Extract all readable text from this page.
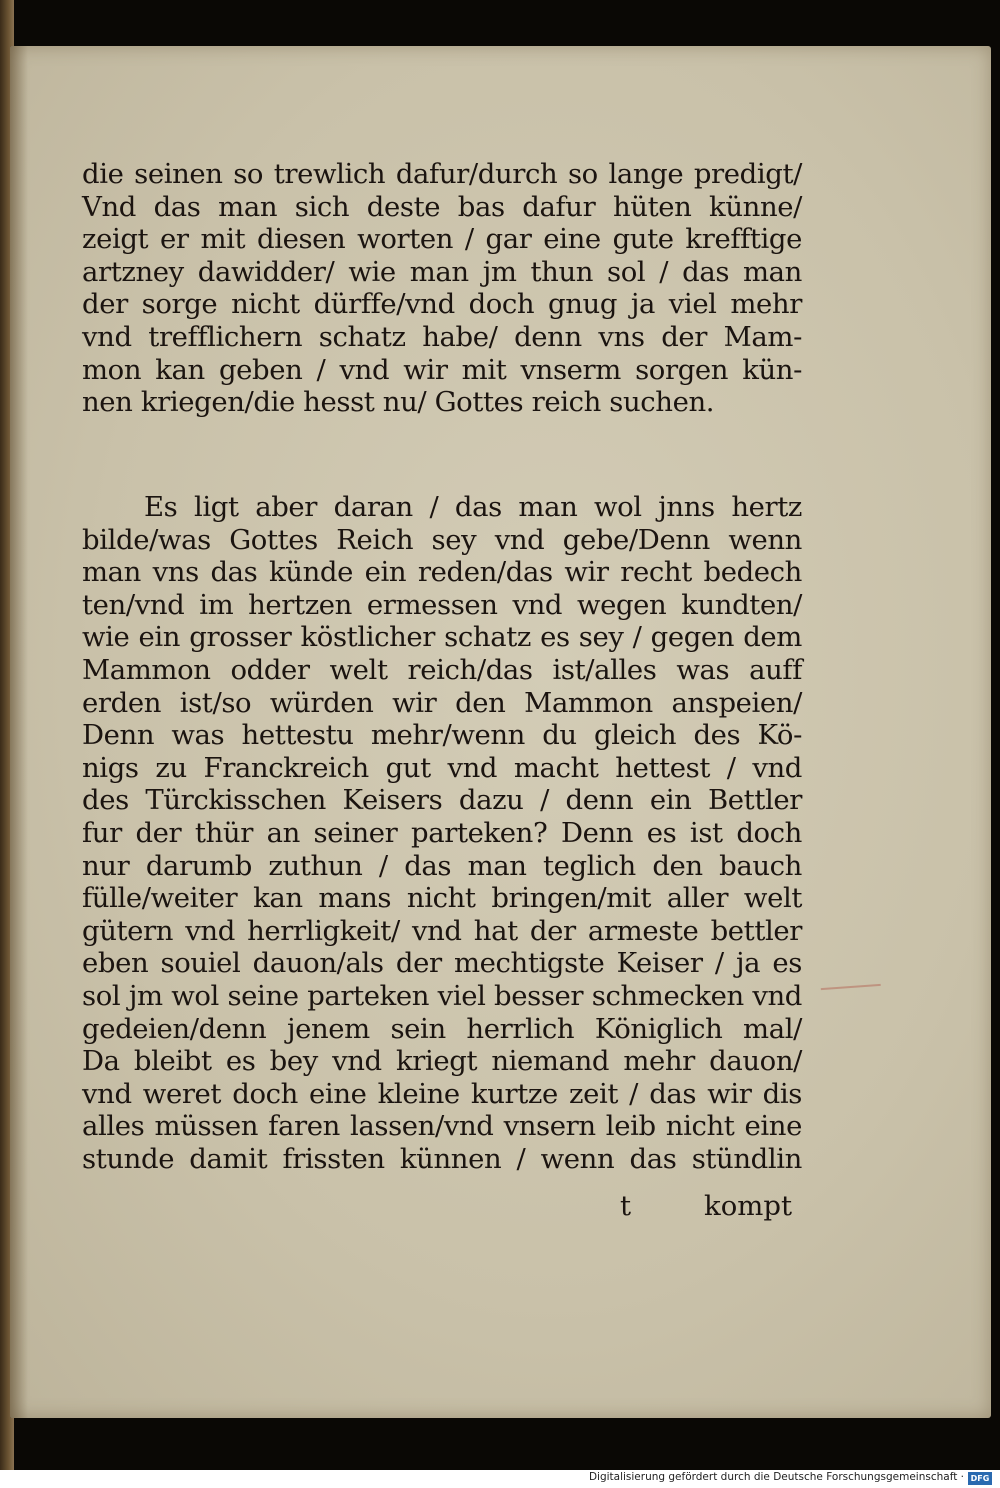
die seinen so trewlich dafur/durch so lange predigt/
Vnd das man sich deste bas dafur hüten künne/
zeigt er mit diesen worten / gar eine gute krefftige
artzney dawidder/ wie man jm thun sol / das man
der sorge nicht dürffe/vnd doch gnug ja viel mehr
vnd trefflichern schatz habe/ denn vns der Mam-
mon kan geben / vnd wir mit vnserm sorgen kün-
nen kriegen/die hesst nu/ Gottes reich suchen.
Es ligt aber daran / das man wol jnns hertz
bilde/was Gottes Reich sey vnd gebe/Denn wenn
man vns das künde ein reden/das wir recht bedech
ten/vnd im hertzen ermessen vnd wegen kundten/
wie ein grosser köstlicher schatz es sey / gegen dem
Mammon odder welt reich/das ist/alles was auff
erden ist/so würden wir den Mammon anspeien/
Denn was hettestu mehr/wenn du gleich des Kö-
nigs zu Franckreich gut vnd macht hettest / vnd
des Türckisschen Keisers dazu / denn ein Bettler
fur der thür an seiner parteken? Denn es ist doch
nur darumb zuthun / das man teglich den bauch
fülle/weiter kan mans nicht bringen/mit aller welt
gütern vnd herrligkeit/ vnd hat der armeste bettler
eben souiel dauon/als der mechtigste Keiser / ja es
sol jm wol seine parteken viel besser schmecken vnd
gedeien/denn jenem sein herrlich Königlich mal/
Da bleibt es bey vnd kriegt niemand mehr dauon/
vnd weret doch eine kleine kurtze zeit / das wir dis
alles müssen faren lassen/vnd vnsern leib nicht eine
stunde damit frissten künnen / wenn das stündlin
t	kompt
Digitalisierung gefördert durch die Deutsche Forschungsgemeinschaft · DFG
